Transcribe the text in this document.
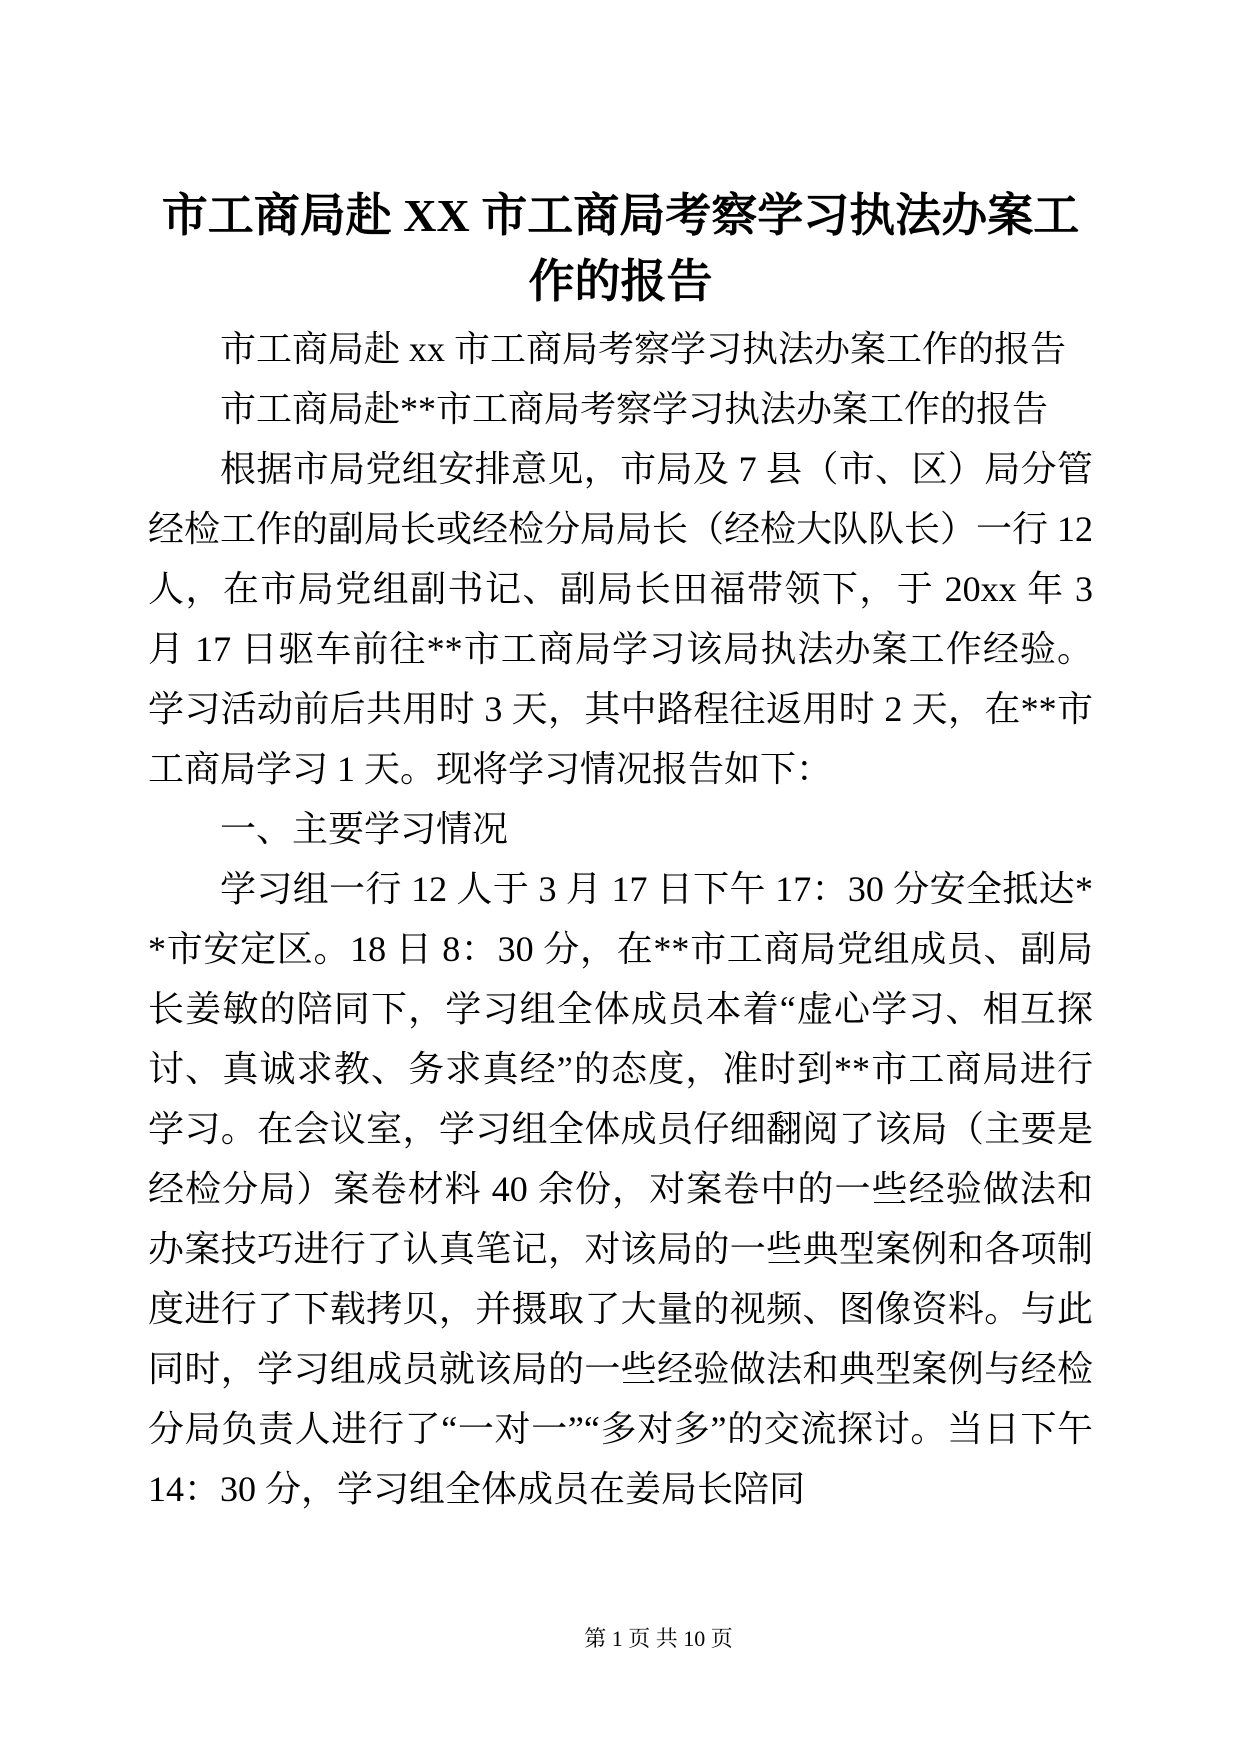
市工商局赴 XX 市工商局考察学习执法办案工作的报告

市工商局赴 xx 市工商局考察学习执法办案工作的报告

市工商局赴**市工商局考察学习执法办案工作的报告

根据市局党组安排意见，市局及 7 县（市、区）局分管经检工作的副局长或经检分局局长（经检大队队长）一行 12 人，在市局党组副书记、副局长田福带领下，于 20xx 年 3 月 17 日驱车前往**市工商局学习该局执法办案工作经验。学习活动前后共用时 3 天，其中路程往返用时 2 天，在**市工商局学习 1 天。现将学习情况报告如下：

一、主要学习情况

学习组一行 12 人于 3 月 17 日下午 17：30 分安全抵达**市安定区。18 日 8：30 分，在**市工商局党组成员、副局长姜敏的陪同下，学习组全体成员本着“虚心学习、相互探讨、真诚求教、务求真经”的态度，准时到**市工商局进行学习。在会议室，学习组全体成员仔细翻阅了该局（主要是经检分局）案卷材料 40 余份，对案卷中的一些经验做法和办案技巧进行了认真笔记，对该局的一些典型案例和各项制度进行了下载拷贝，并摄取了大量的视频、图像资料。与此同时，学习组成员就该局的一些经验做法和典型案例与经检分局负责人进行了“一对一”“多对多”的交流探讨。当日下午 14：30 分，学习组全体成员在姜局长陪同

第 1 页 共 10 页
